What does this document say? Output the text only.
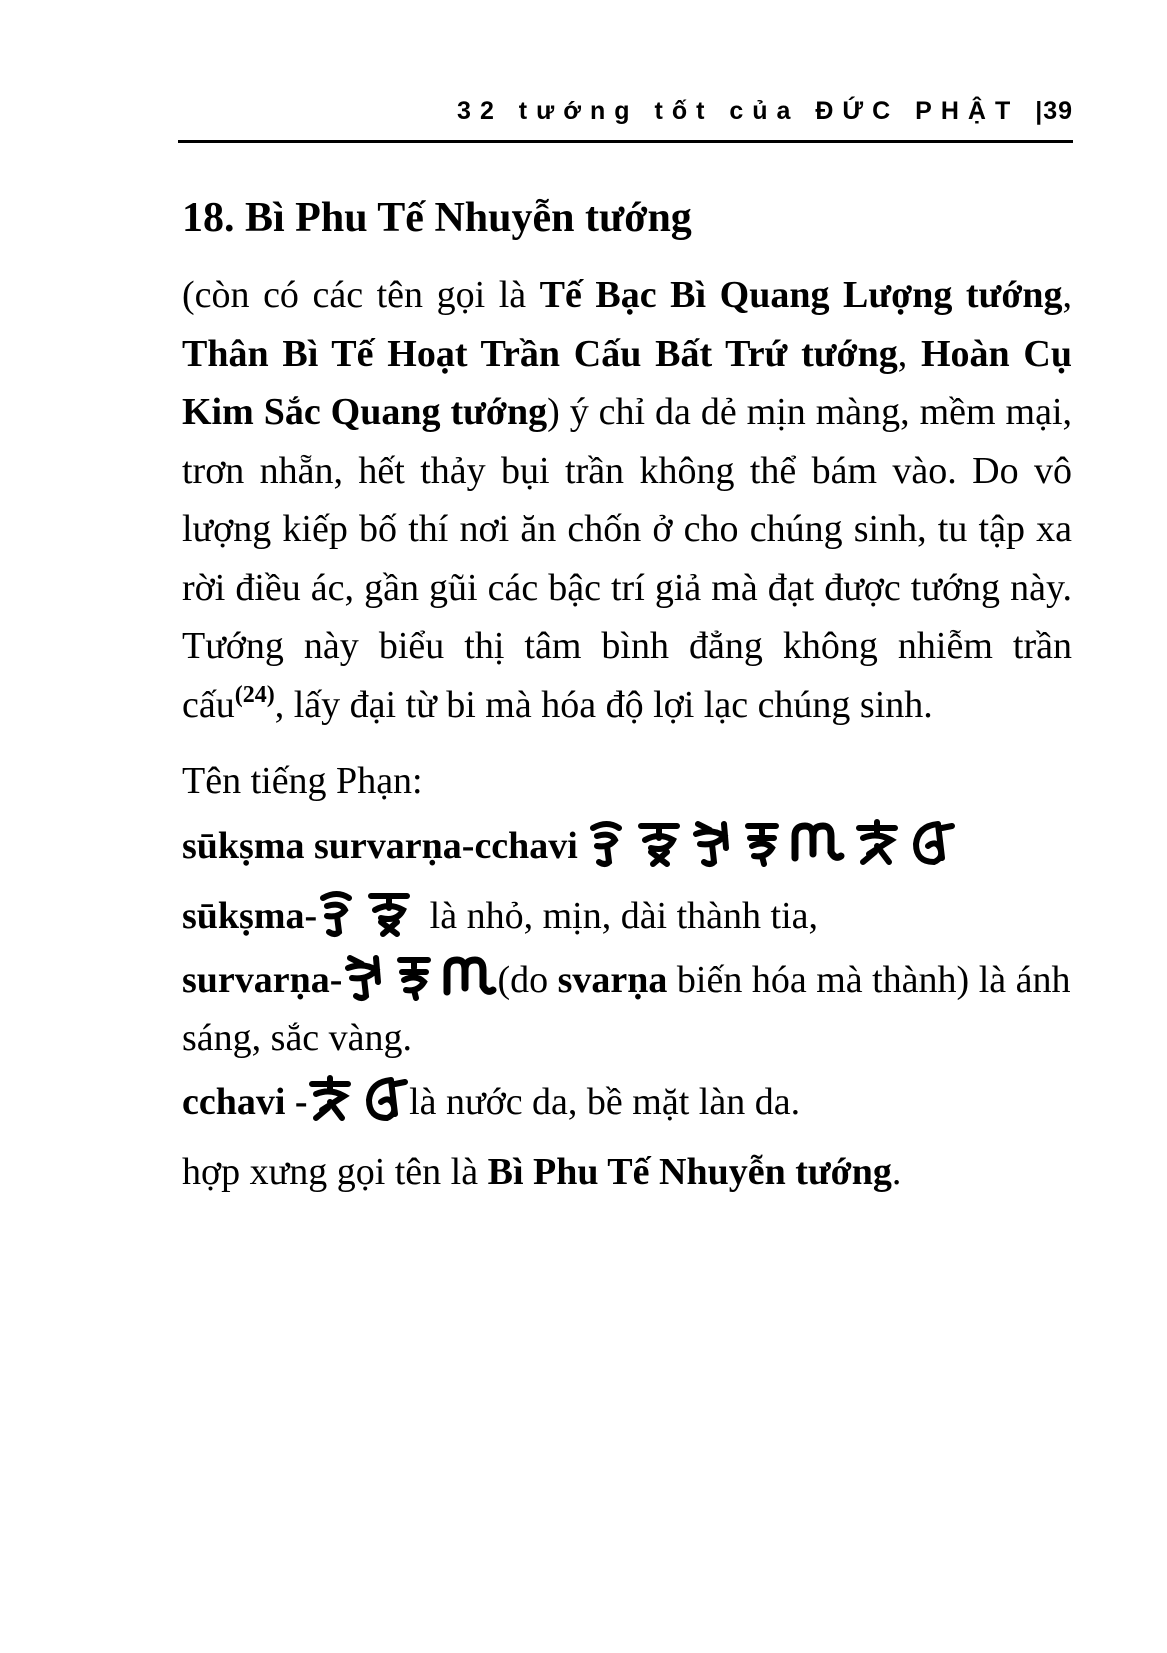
32 tướng tốt của ĐỨC PHẬT |39
18. Bì Phu Tế Nhuyễn tướng

(còn có các tên gọi là Tế Bạc Bì Quang Lượng tướng, Thân Bì Tế Hoạt Trần Cấu Bất Trứ tướng, Hoàn Cụ Kim Sắc Quang tướng) ý chỉ da dẻ mịn màng, mềm mại, trơn nhẵn, hết thảy bụi trần không thể bám vào. Do vô lượng kiếp bố thí nơi ăn chốn ở cho chúng sinh, tu tập xa rời điều ác, gần gũi các bậc trí giả mà đạt được tướng này. Tướng này biểu thị tâm bình đẳng không nhiễm trần cấu$^{(24)}$, lấy đại từ bi mà hóa độ lợi lạc chúng sinh.

Tên tiếng Phạn:

sūkṣma survarṇa-cchavi

sūkṣma-
	là nhỏ, mịn, dài thành tia,

survarṇa-

	(do svarṇa biến hóa mà thành) là ánh sáng, sắc vàng.

cchavi -
	là nước da, bề mặt làn da.

hợp xưng gọi tên là Bì Phu Tế Nhuyễn tướng.
